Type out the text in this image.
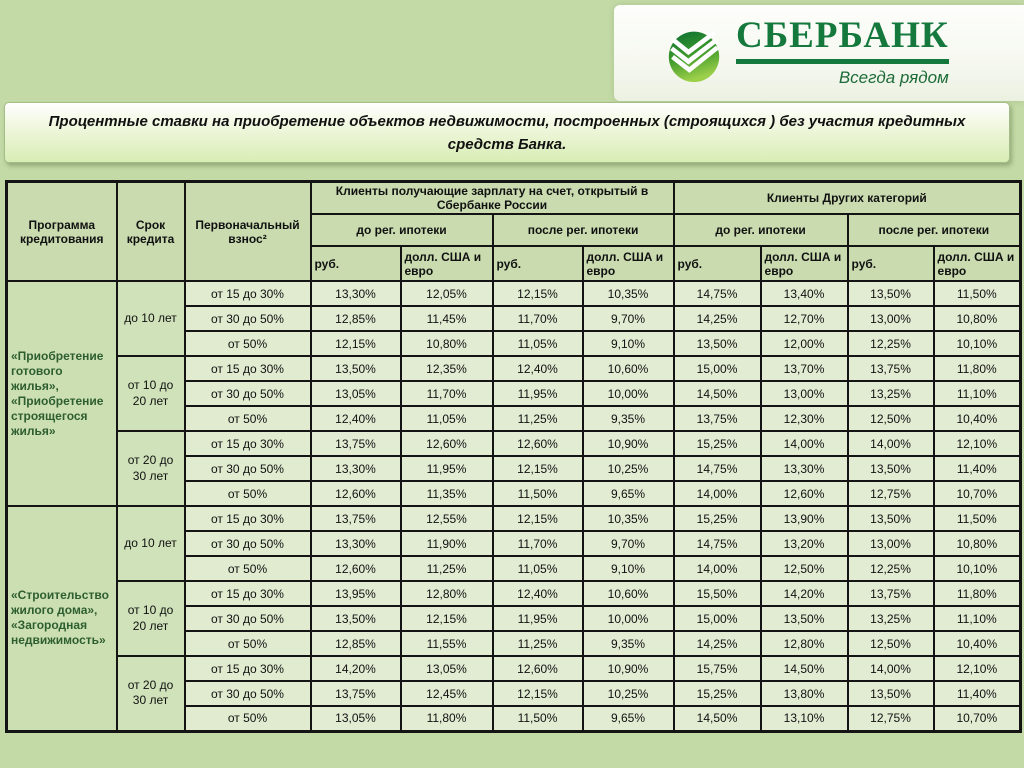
СБЕРБАНК
Всегда рядом
Процентные ставки на приобретение объектов недвижимости, построенных (строящихся ) без участия кредитных средств Банка.
Программа кредитования	Срок кредита	Первоначальный взнос²	Клиенты получающие зарплату на счет, открытый в Сбербанке России				Клиенты Других категорий			
			до рег. ипотеки		после рег. ипотеки		до рег. ипотеки		после рег. ипотеки	
			руб.	долл. США и евро	руб.	долл. США и евро	руб.	долл. США и евро	руб.	долл. США и евро
«Приобретение готового жилья», «Приобретение строящегося жилья»	до 10 лет	от 15 до 30%	13,30%	12,05%	12,15%	10,35%	14,75%	13,40%	13,50%	11,50%
		от 30 до 50%	12,85%	11,45%	11,70%	9,70%	14,25%	12,70%	13,00%	10,80%
		от 50%	12,15%	10,80%	11,05%	9,10%	13,50%	12,00%	12,25%	10,10%
	от 10 до 20 лет	от 15 до 30%	13,50%	12,35%	12,40%	10,60%	15,00%	13,70%	13,75%	11,80%
		от 30 до 50%	13,05%	11,70%	11,95%	10,00%	14,50%	13,00%	13,25%	11,10%
		от 50%	12,40%	11,05%	11,25%	9,35%	13,75%	12,30%	12,50%	10,40%
	от 20 до 30 лет	от 15 до 30%	13,75%	12,60%	12,60%	10,90%	15,25%	14,00%	14,00%	12,10%
		от 30 до 50%	13,30%	11,95%	12,15%	10,25%	14,75%	13,30%	13,50%	11,40%
		от 50%	12,60%	11,35%	11,50%	9,65%	14,00%	12,60%	12,75%	10,70%
«Строительство жилого дома», «Загородная недвижимость»	до 10 лет	от 15 до 30%	13,75%	12,55%	12,15%	10,35%	15,25%	13,90%	13,50%	11,50%
		от 30 до 50%	13,30%	11,90%	11,70%	9,70%	14,75%	13,20%	13,00%	10,80%
		от 50%	12,60%	11,25%	11,05%	9,10%	14,00%	12,50%	12,25%	10,10%
	от 10 до 20 лет	от 15 до 30%	13,95%	12,80%	12,40%	10,60%	15,50%	14,20%	13,75%	11,80%
		от 30 до 50%	13,50%	12,15%	11,95%	10,00%	15,00%	13,50%	13,25%	11,10%
		от 50%	12,85%	11,55%	11,25%	9,35%	14,25%	12,80%	12,50%	10,40%
	от 20 до 30 лет	от 15 до 30%	14,20%	13,05%	12,60%	10,90%	15,75%	14,50%	14,00%	12,10%
		от 30 до 50%	13,75%	12,45%	12,15%	10,25%	15,25%	13,80%	13,50%	11,40%
		от 50%	13,05%	11,80%	11,50%	9,65%	14,50%	13,10%	12,75%	10,70%
